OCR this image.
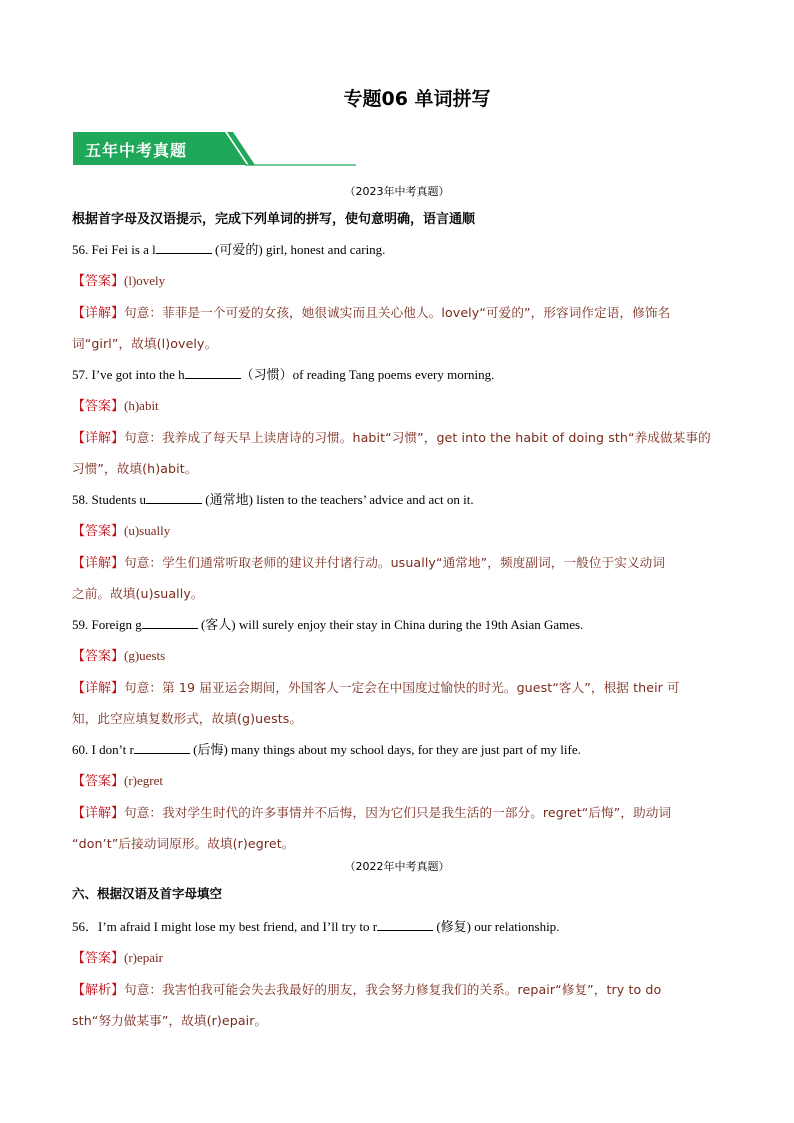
专题06 单词拼写
五年中考真题
（2023年中考真题）
根据首字母及汉语提示，完成下列单词的拼写，使句意明确，语言通顺
56. Fei Fei is a l	(可爱的) girl, honest and caring.
【答案】(l)ovely
【详解】句意：菲菲是一个可爱的女孩，她很诚实而且关心他人。lovely“可爱的”，形容词作定语，修饰名
词“girl”，故填(l)ovely。
57. I’ve got into the h	（习惯）of reading Tang poems every morning.
【答案】(h)abit
【详解】句意：我养成了每天早上读唐诗的习惯。habit“习惯”，get into the habit of doing sth“养成做某事的
习惯”，故填(h)abit。
58. Students u	(通常地) listen to the teachers’ advice and act on it.
【答案】(u)sually
【详解】句意：学生们通常听取老师的建议并付诸行动。usually“通常地”，频度副词，一般位于实义动词
之前。故填(u)sually。
59. Foreign g	(客人) will surely enjoy their stay in China during the 19th Asian Games.
【答案】(g)uests
【详解】句意：第 19 届亚运会期间，外国客人一定会在中国度过愉快的时光。guest“客人”，根据 their 可
知，此空应填复数形式，故填(g)uests。
60. I don’t r	(后悔) many things about my school days, for they are just part of my life.
【答案】(r)egret
【详解】句意：我对学生时代的许多事情并不后悔，因为它们只是我生活的一部分。regret“后悔”，助动词
“don’t”后接动词原形。故填(r)egret。
（2022年中考真题）
六、根据汉语及首字母填空
56．I’m afraid I might lose my best friend, and I’ll try to r	(修复) our relationship.
【答案】(r)epair
【解析】句意：我害怕我可能会失去我最好的朋友，我会努力修复我们的关系。repair“修复”，try to do
sth“努力做某事”，故填(r)epair。
